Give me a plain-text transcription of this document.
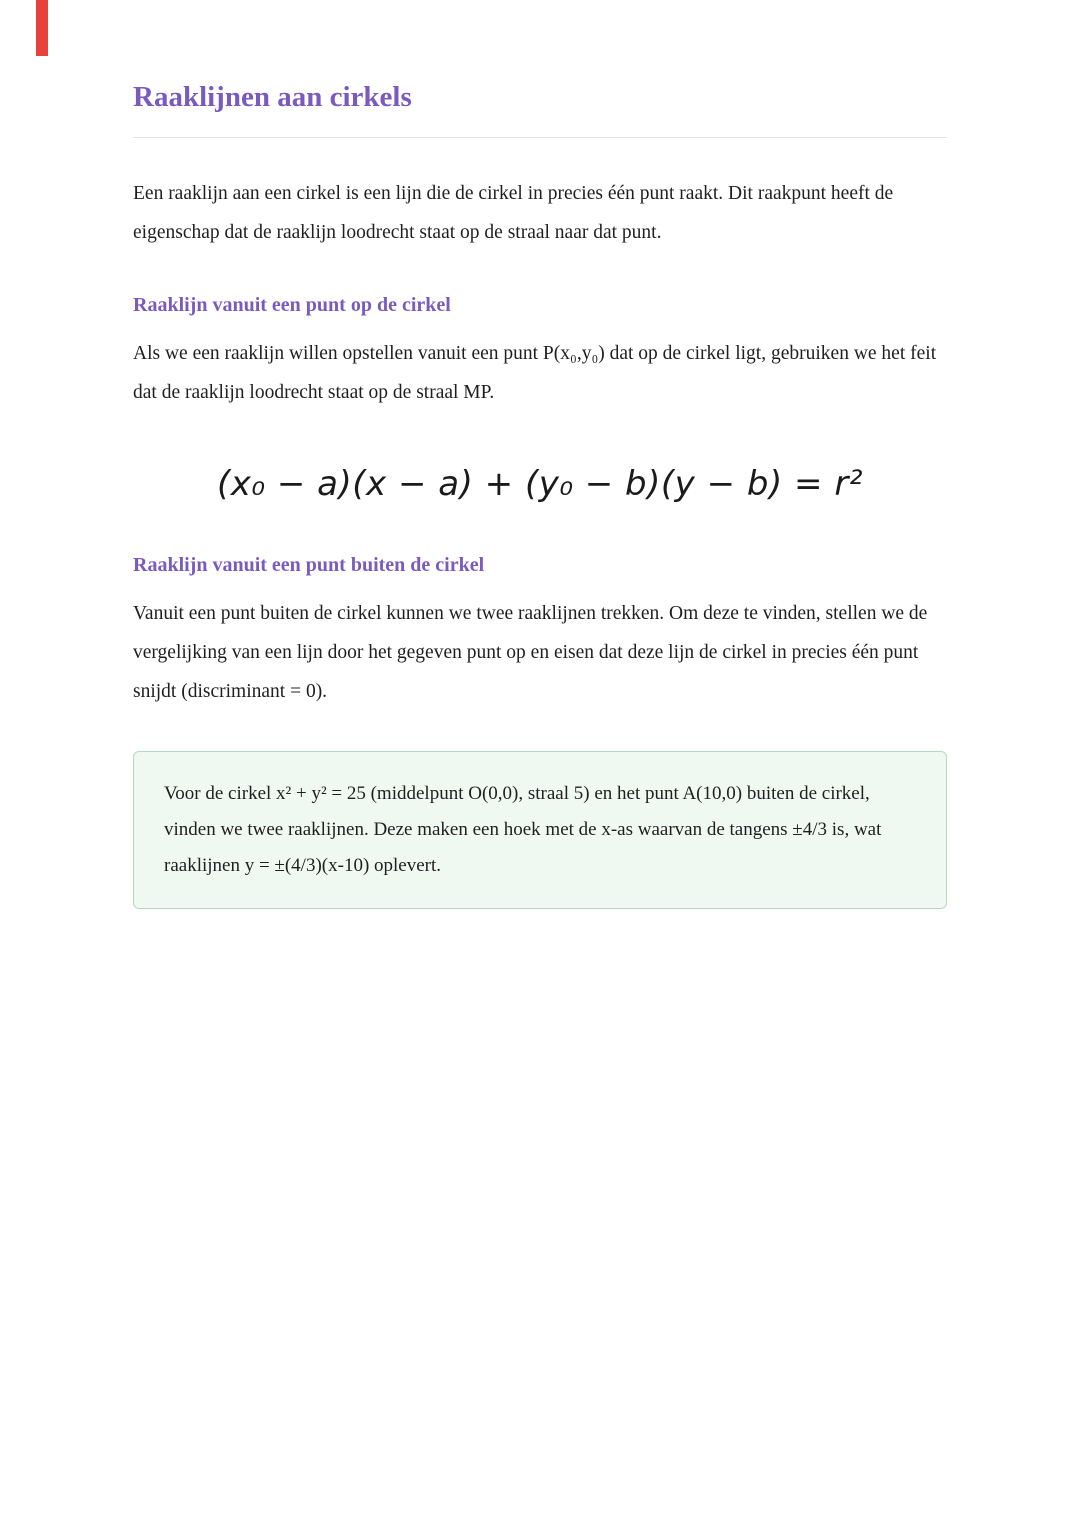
Raaklijnen aan cirkels

Een raaklijn aan een cirkel is een lijn die de cirkel in precies één punt raakt. Dit raakpunt heeft de eigenschap dat de raaklijn loodrecht staat op de straal naar dat punt.

Raaklijn vanuit een punt op de cirkel

Als we een raaklijn willen opstellen vanuit een punt P(x₀,y₀) dat op de cirkel ligt, gebruiken we het feit dat de raaklijn loodrecht staat op de straal MP.

(x₀ − a)(x − a) + (y₀ − b)(y − b) = r²
Raaklijn vanuit een punt buiten de cirkel

Vanuit een punt buiten de cirkel kunnen we twee raaklijnen trekken. Om deze te vinden, stellen we de vergelijking van een lijn door het gegeven punt op en eisen dat deze lijn de cirkel in precies één punt snijdt (discriminant = 0).

Voor de cirkel x² + y² = 25 (middelpunt O(0,0), straal 5) en het punt A(10,0) buiten de cirkel, vinden we twee raaklijnen. Deze maken een hoek met de x-as waarvan de tangens ±4/3 is, wat raaklijnen y = ±(4/3)(x-10) oplevert.
